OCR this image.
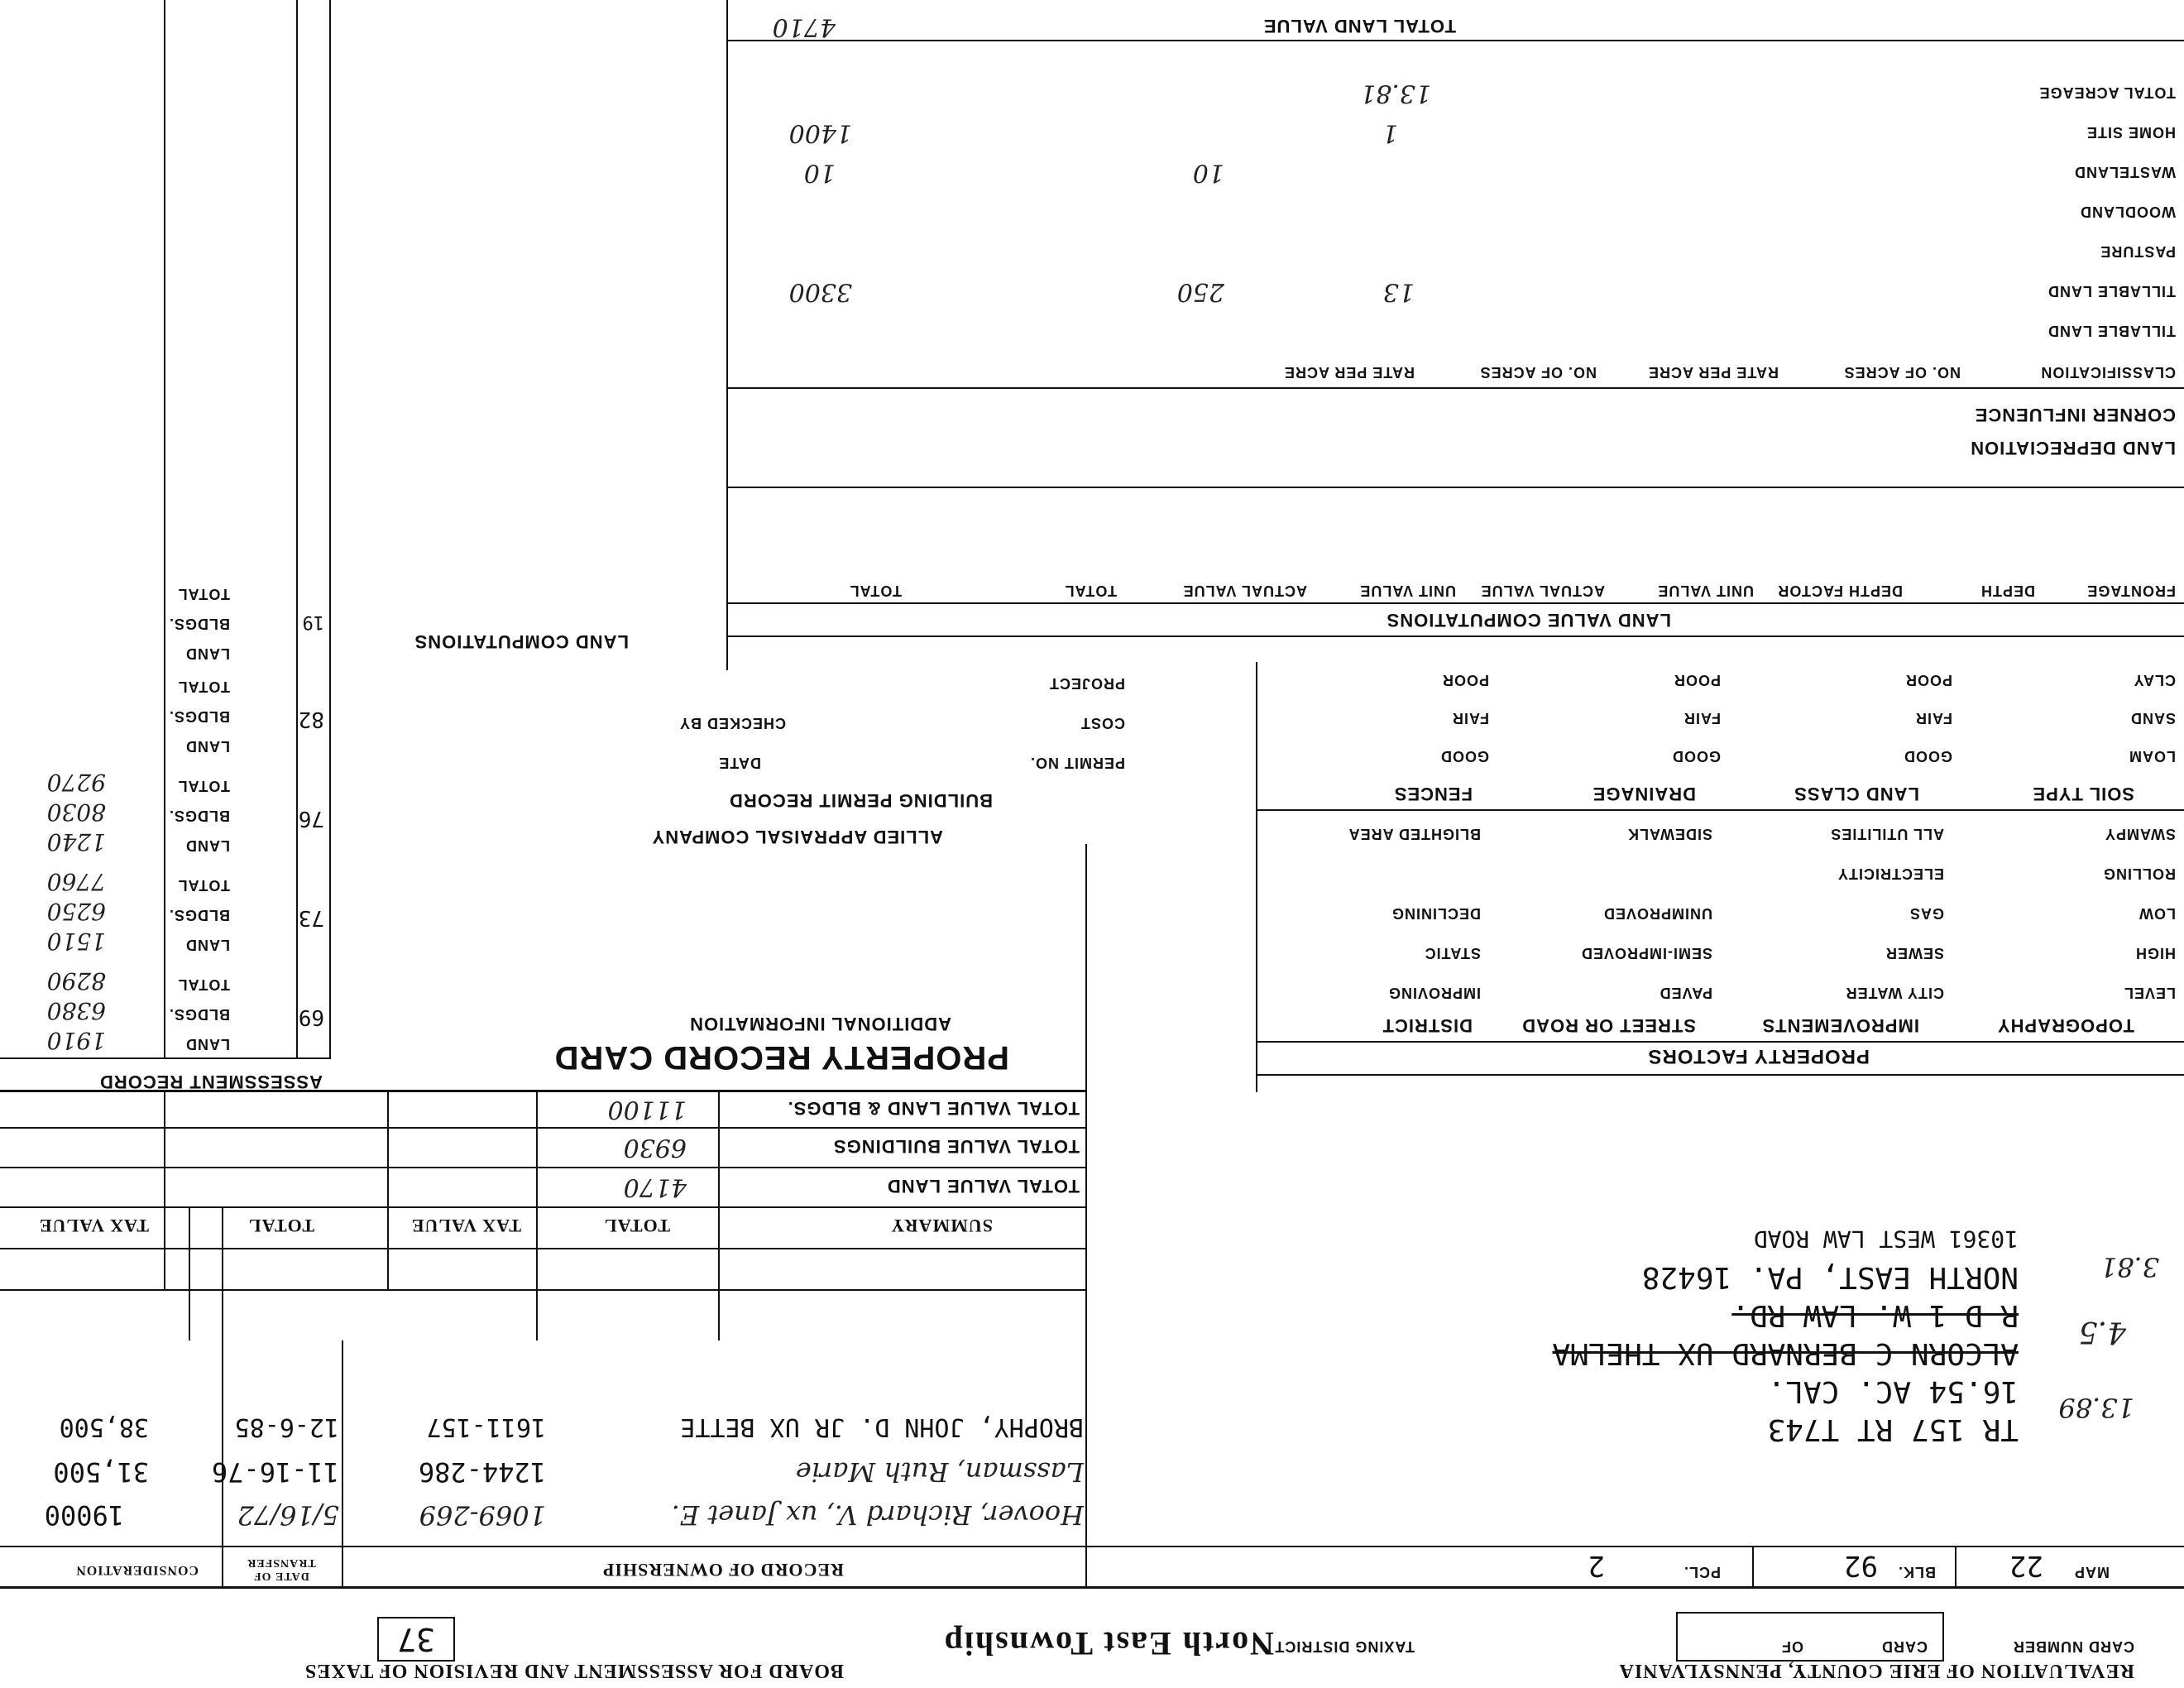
REVALUATION OF ERIE COUNTY, PENNSYLVANIA
BOARD FOR ASSESSMENT AND REVISION OF TAXES
CARD NUMBER
CARD
OF
TAXING DISTRICT
North East Township
37
MAP
22
BLK.
92
PCL.
2
TR 157 RT T743
16.54 AC. CAL.
ALCORN C BERNARD UX THELMA
R D 1 W. LAW RD.
NORTH EAST, PA. 16428
10361 WEST LAW ROAD
13.89
4.5
3.81
RECORD OF OWNERSHIP
DATE OF TRANSFER
CONSIDERATION
Hoover, Richard V., ux Janet E.
1069-269
5/16/72
19000
Lassman, Ruth Marie
1244-286
11-16-76
31,500
BROPHY, JOHN D. JR UX BETTE
1611-157
12-6-85
38,500
SUMMARY
TOTAL
TAX VALUE
TOTAL
TAX VALUE
TOTAL VALUE LAND
4170
TOTAL VALUE BUILDINGS
6930
TOTAL VALUE LAND & BLDGS.
11100
PROPERTY FACTORS
TOPOGRAPHY
IMPROVEMENTS
STREET OR ROAD
DISTRICT
LEVEL
HIGH
LOW
ROLLING
SWAMPY
CITY WATER
SEWER
GAS
ELECTRICITY
ALL UTILITIES
PAVED
SEMI-IMPROVED
UNIMPROVED
SIDEWALK
IMPROVING
STATIC
DECLINING
BLIGHTED AREA
SOIL TYPE
LAND CLASS
DRAINAGE
FENCES
LOAM
SAND
CLAY
GOOD
FAIR
POOR
GOOD
FAIR
POOR
GOOD
FAIR
POOR
PROPERTY RECORD CARD
ADDITIONAL INFORMATION
ALLIED APPRAISAL COMPANY
BUILDING PERMIT RECORD
DATE
CHECKED BY
PERMIT NO.
COST
PROJECT
LAND COMPUTATIONS
ASSESSMENT RECORD
LAND
1910
BLDGS.
6380
TOTAL
8290
69
LAND
1510
BLDGS.
6250
TOTAL
7760
73
LAND
1240
BLDGS.
8030
TOTAL
9270
76
LAND
BLDGS.
TOTAL
82
LAND
BLDGS.
TOTAL
19	LAND VALUE COMPUTATIONS
FRONTAGE
DEPTH
DEPTH FACTOR
UNIT VALUE
ACTUAL VALUE
UNIT VALUE
ACTUAL VALUE
TOTAL
TOTAL
LAND DEPRECIATION
CORNER INFLUENCE
CLASSIFICATION
NO. OF ACRES
RATE PER ACRE
NO. OF ACRES
RATE PER ACRE
TILLABLE LAND
TILLABLE LAND
13
250
3300
PASTURE
WOODLAND
WASTELAND
10
10
HOME SITE
1
1400
TOTAL ACREAGE
13.81
TOTAL LAND VALUE
4710
